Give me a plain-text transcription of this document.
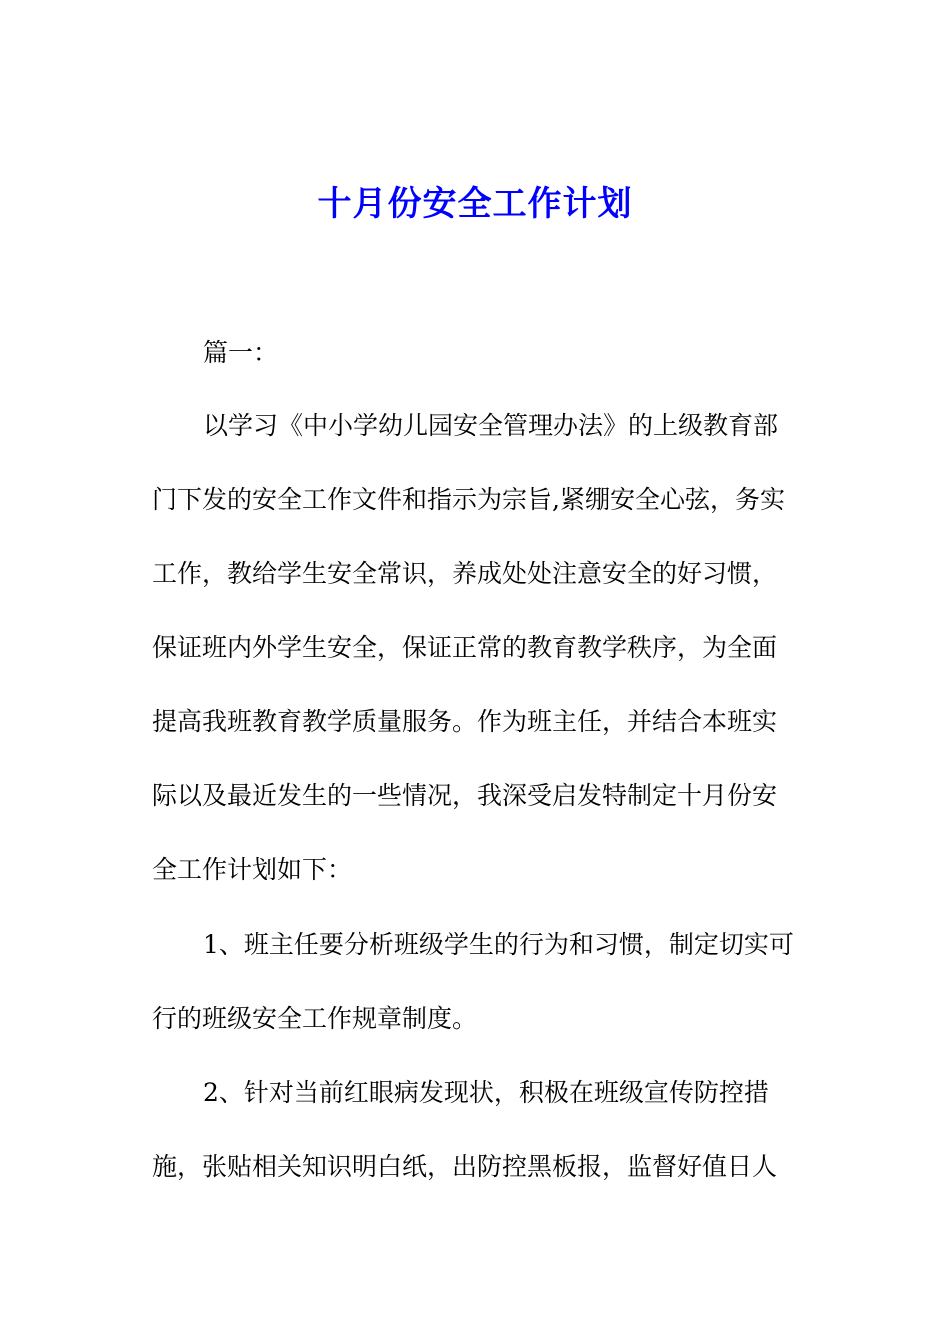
十月份安全工作计划
篇一：
以学习《中小学幼儿园安全管理办法》的上级教育部
门下发的安全工作文件和指示为宗旨,紧绷安全心弦，务实
工作，教给学生安全常识，养成处处注意安全的好习惯，
保证班内外学生安全，保证正常的教育教学秩序，为全面
提高我班教育教学质量服务。作为班主任，并结合本班实
际以及最近发生的一些情况，我深受启发特制定十月份安
全工作计划如下：
1、班主任要分析班级学生的行为和习惯，制定切实可
行的班级安全工作规章制度。
2、针对当前红眼病发现状，积极在班级宣传防控措
施，张贴相关知识明白纸，出防控黑板报，监督好值日人
